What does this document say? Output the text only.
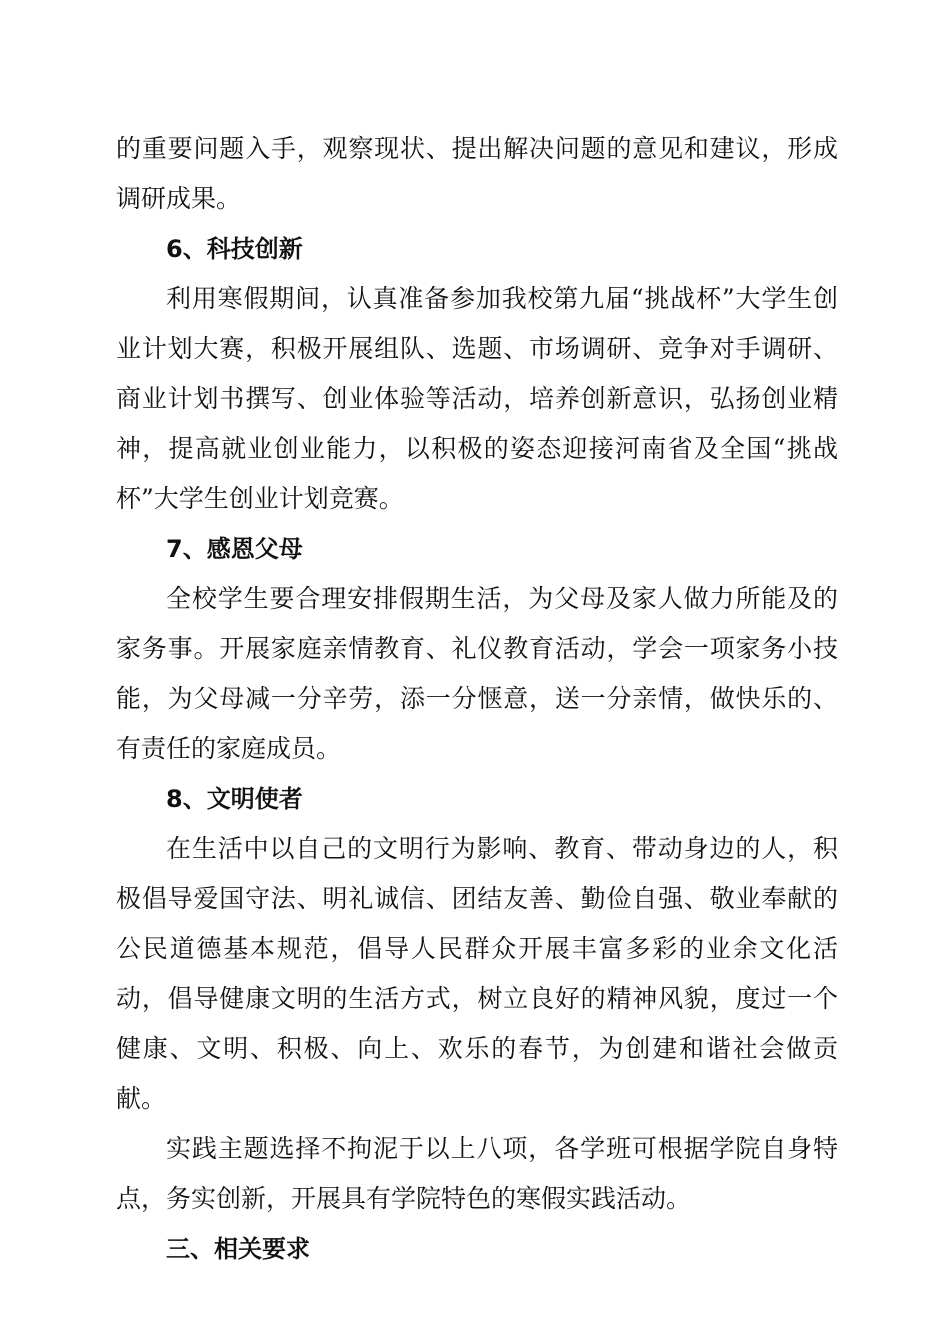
的重要问题入手，观察现状、提出解决问题的意见和建议，形成调研成果。

6、科技创新

利用寒假期间，认真准备参加我校第九届“挑战杯”大学生创业计划大赛，积极开展组队、选题、市场调研、竞争对手调研、商业计划书撰写、创业体验等活动，培养创新意识，弘扬创业精神，提高就业创业能力，以积极的姿态迎接河南省及全国“挑战杯”大学生创业计划竞赛。

7、感恩父母

全校学生要合理安排假期生活，为父母及家人做力所能及的家务事。开展家庭亲情教育、礼仪教育活动，学会一项家务小技能，为父母减一分辛劳，添一分惬意，送一分亲情，做快乐的、有责任的家庭成员。

8、文明使者

在生活中以自己的文明行为影响、教育、带动身边的人，积极倡导爱国守法、明礼诚信、团结友善、勤俭自强、敬业奉献的公民道德基本规范，倡导人民群众开展丰富多彩的业余文化活动，倡导健康文明的生活方式，树立良好的精神风貌，度过一个健康、文明、积极、向上、欢乐的春节，为创建和谐社会做贡献。

实践主题选择不拘泥于以上八项，各学班可根据学院自身特点，务实创新，开展具有学院特色的寒假实践活动。

三、相关要求
